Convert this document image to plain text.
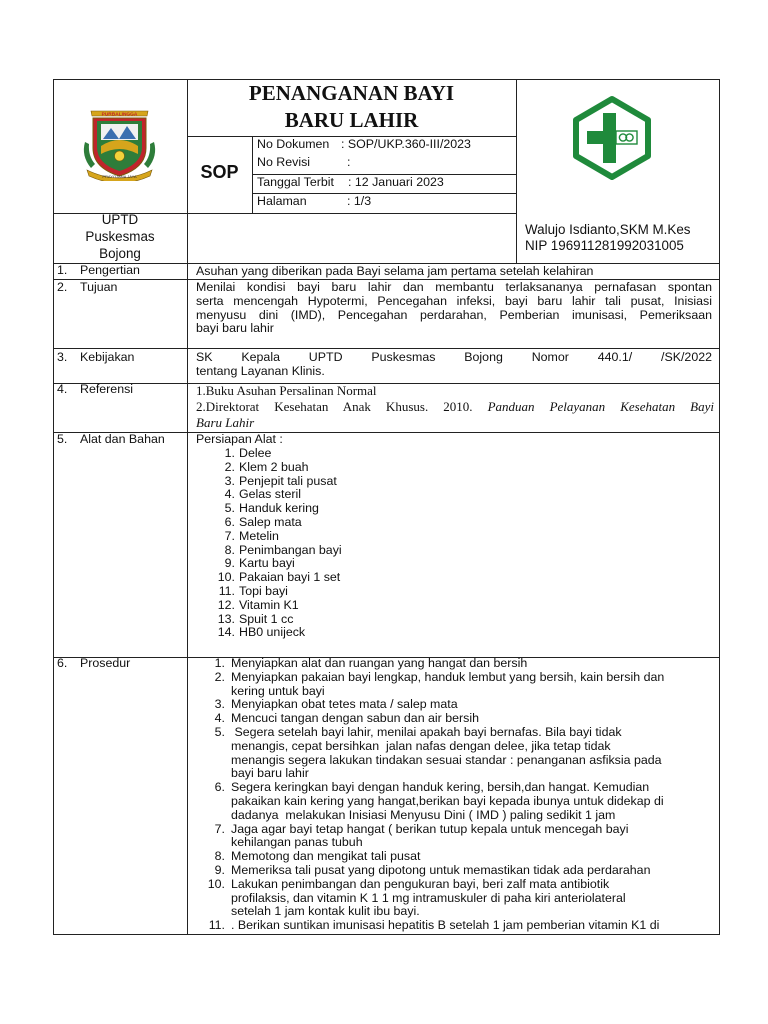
PURBALINGGA
PRAYOJANA JAYA
PENANGANAN BAYI
BARU LAHIR
SOP
No Dokumen : SOP/UKP.360-III/2023
No Revisi	:
Tanggal Terbit : 12 Januari 2023
Halaman	: 1/3
UPTD
Puskesmas
Bojong
Walujo Isdianto,SKM M.Kes
NIP 196911281992031005
1. Pengertian	Asuhan yang diberikan pada Bayi selama jam pertama setelah kelahiran
2. Tujuan	Menilai kondisi bayi baru lahir dan membantu terlaksananya pernafasan spontan
serta mencengah Hypotermi, Pencegahan infeksi, bayi baru lahir tali pusat, Inisiasi
menyusu dini (IMD), Pencegahan perdarahan, Pemberian imunisasi, Pemeriksaan
bayi baru lahir
3. Kebijakan	SK Kepala UPTD Puskesmas Bojong Nomor 440.1/ /SK/2022
tentang Layanan Klinis.
4. Referensi	1.Buku Asuhan Persalinan Normal
2.Direktorat Kesehatan Anak Khusus. 2010. Panduan Pelayanan Kesehatan Bayi
Baru Lahir
5. Alat dan Bahan	Persiapan Alat :
1. Delee
2. Klem 2 buah
3. Penjepit tali pusat
4. Gelas steril
5. Handuk kering
6. Salep mata
7. Metelin
8. Penimbangan bayi
9. Kartu bayi
10. Pakaian bayi 1 set
11. Topi bayi
12. Vitamin K1
13. Spuit 1 cc
14. HB0 unijeck
6. Prosedur	1. Menyiapkan alat dan ruangan yang hangat dan bersih
2. Menyiapkan pakaian bayi lengkap, handuk lembut yang bersih, kain bersih dan
kering untuk bayi
3. Menyiapkan obat tetes mata / salep mata
4. Mencuci tangan dengan sabun dan air bersih
5. Segera setelah bayi lahir, menilai apakah bayi bernafas. Bila bayi tidak
menangis, cepat bersihkan  jalan nafas dengan delee, jika tetap tidak
menangis segera lakukan tindakan sesuai standar : penanganan asfiksia pada
bayi baru lahir
6. Segera keringkan bayi dengan handuk kering, bersih,dan hangat. Kemudian
pakaikan kain kering yang hangat,berikan bayi kepada ibunya untuk didekap di
dadanya  melakukan Inisiasi Menyusu Dini ( IMD ) paling sedikit 1 jam
7. Jaga agar bayi tetap hangat ( berikan tutup kepala untuk mencegah bayi
kehilangan panas tubuh
8. Memotong dan mengikat tali pusat
9. Memeriksa tali pusat yang dipotong untuk memastikan tidak ada perdarahan
10. Lakukan penimbangan dan pengukuran bayi, beri zalf mata antibiotik
profilaksis, dan vitamin K 1 1 mg intramuskuler di paha kiri anteriolateral
setelah 1 jam kontak kulit ibu bayi.
11. . Berikan suntikan imunisasi hepatitis B setelah 1 jam pemberian vitamin K1 di
